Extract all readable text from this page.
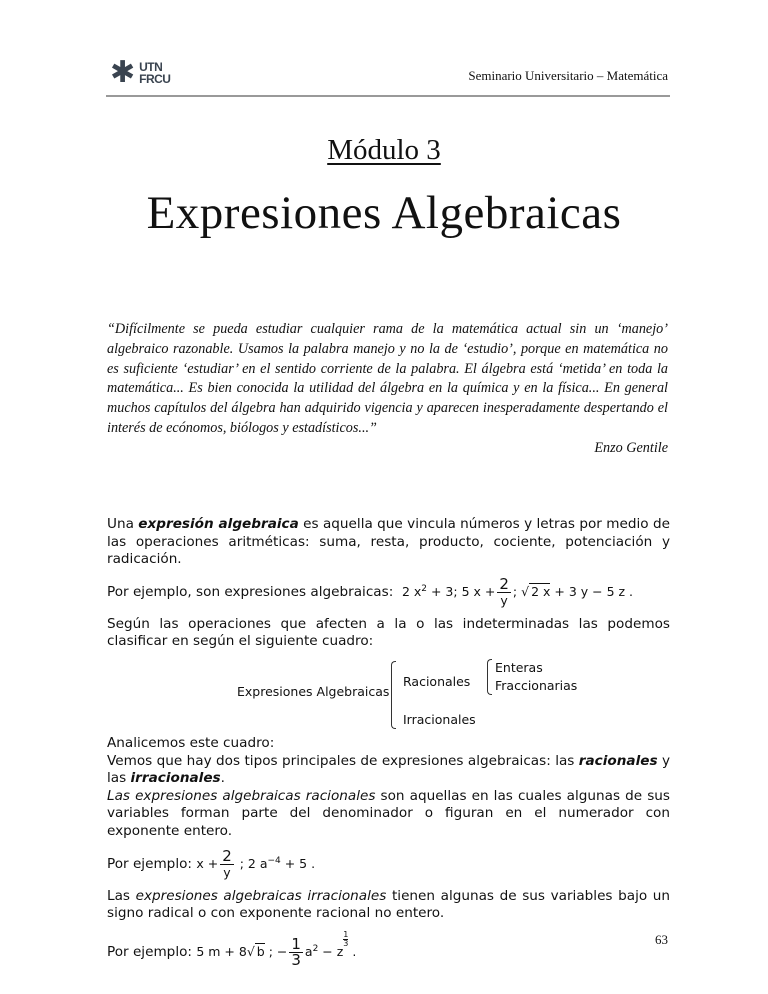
✱ UTN
FRCU	Seminario Universitario – Matemática
Módulo 3
Expresiones Algebraicas
“Difícilmente se pueda estudiar cualquier rama de la matemática actual sin un ‘manejo’ algebraico razonable. Usamos la palabra manejo y no la de ‘estudio’, porque en matemática no es suficiente ‘estudiar’ en el sentido corriente de la palabra. El álgebra está ‘metida’ en toda la matemática... Es bien conocida la utilidad del álgebra en la química y en la física... En general muchos capítulos del álgebra han adquirido vigencia y aparecen inesperadamente despertando el interés de ecónomos, biólogos y estadísticos...”
Enzo Gentile

Una expresión algebraica es aquella que vincula números y letras por medio de las operaciones aritméticas: suma, resta, producto, cociente, potenciación y radicación.

Por ejemplo, son expresiones algebraicas: 2 $x^2 + 3$; 5 $x + \frac{2}{y}$ ; √ 2 x + 3 y − 5 z .

Según las operaciones que afecten a la o las indeterminadas las podemos clasificar en según el siguiente cuadro:

Expresiones Algebraicas
Racionales
Enteras
Fraccionarias
Irracionales

Analicemos este cuadro:

Vemos que hay dos tipos principales de expresiones algebraicas: las racionales y las irracionales.

Las expresiones algebraicas racionales son aquellas en las cuales algunas de sus variables forman parte del denominador o figuran en el numerador con exponente entero.

Por ejemplo: $x + \frac{2}{y}$ ; 2 $a^{-4} + 5$ .

Las expresiones algebraicas irracionales tienen algunas de sus variables bajo un signo radical o con exponente racional no entero.

Por ejemplo: 5 m + 8√ b ; − $\frac{1}{3} a^2 - z$
$^{\frac{1}{3}}$
.

63
